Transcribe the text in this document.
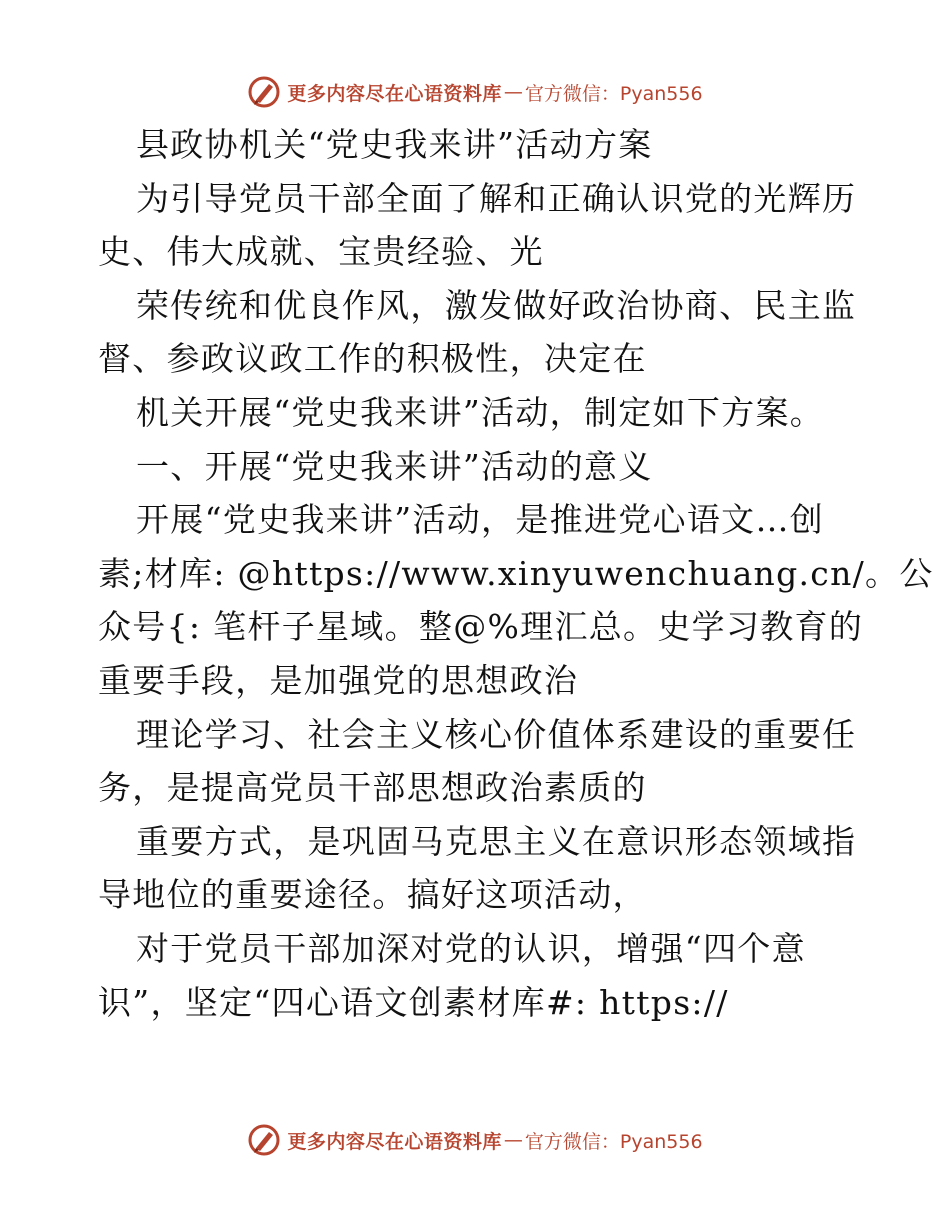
更多内容尽在心语资料库 — 官方微信：Pyan556
县政协机关“党史我来讲”活动方案
为引导党员干部全面了解和正确认识党的光辉历
史、伟大成就、宝贵经验、光
荣传统和优良作风，激发做好政治协商、民主监
督、参政议政工作的积极性，决定在
机关开展“党史我来讲”活动，制定如下方案。
一、开展“党史我来讲”活动的意义
开展“党史我来讲”活动，是推进党心语文…创
素;材库: @https://www.xinyuwenchuang.cn/。公
众号{: 笔杆子星域。整@%理汇总。史学习教育的
重要手段，是加强党的思想政治
理论学习、社会主义核心价值体系建设的重要任
务，是提高党员干部思想政治素质的
重要方式，是巩固马克思主义在意识形态领域指
导地位的重要途径。搞好这项活动，
对于党员干部加深对党的认识，增强“四个意
识”，坚定“四心语文创素材库#: https://
更多内容尽在心语资料库 — 官方微信：Pyan556
